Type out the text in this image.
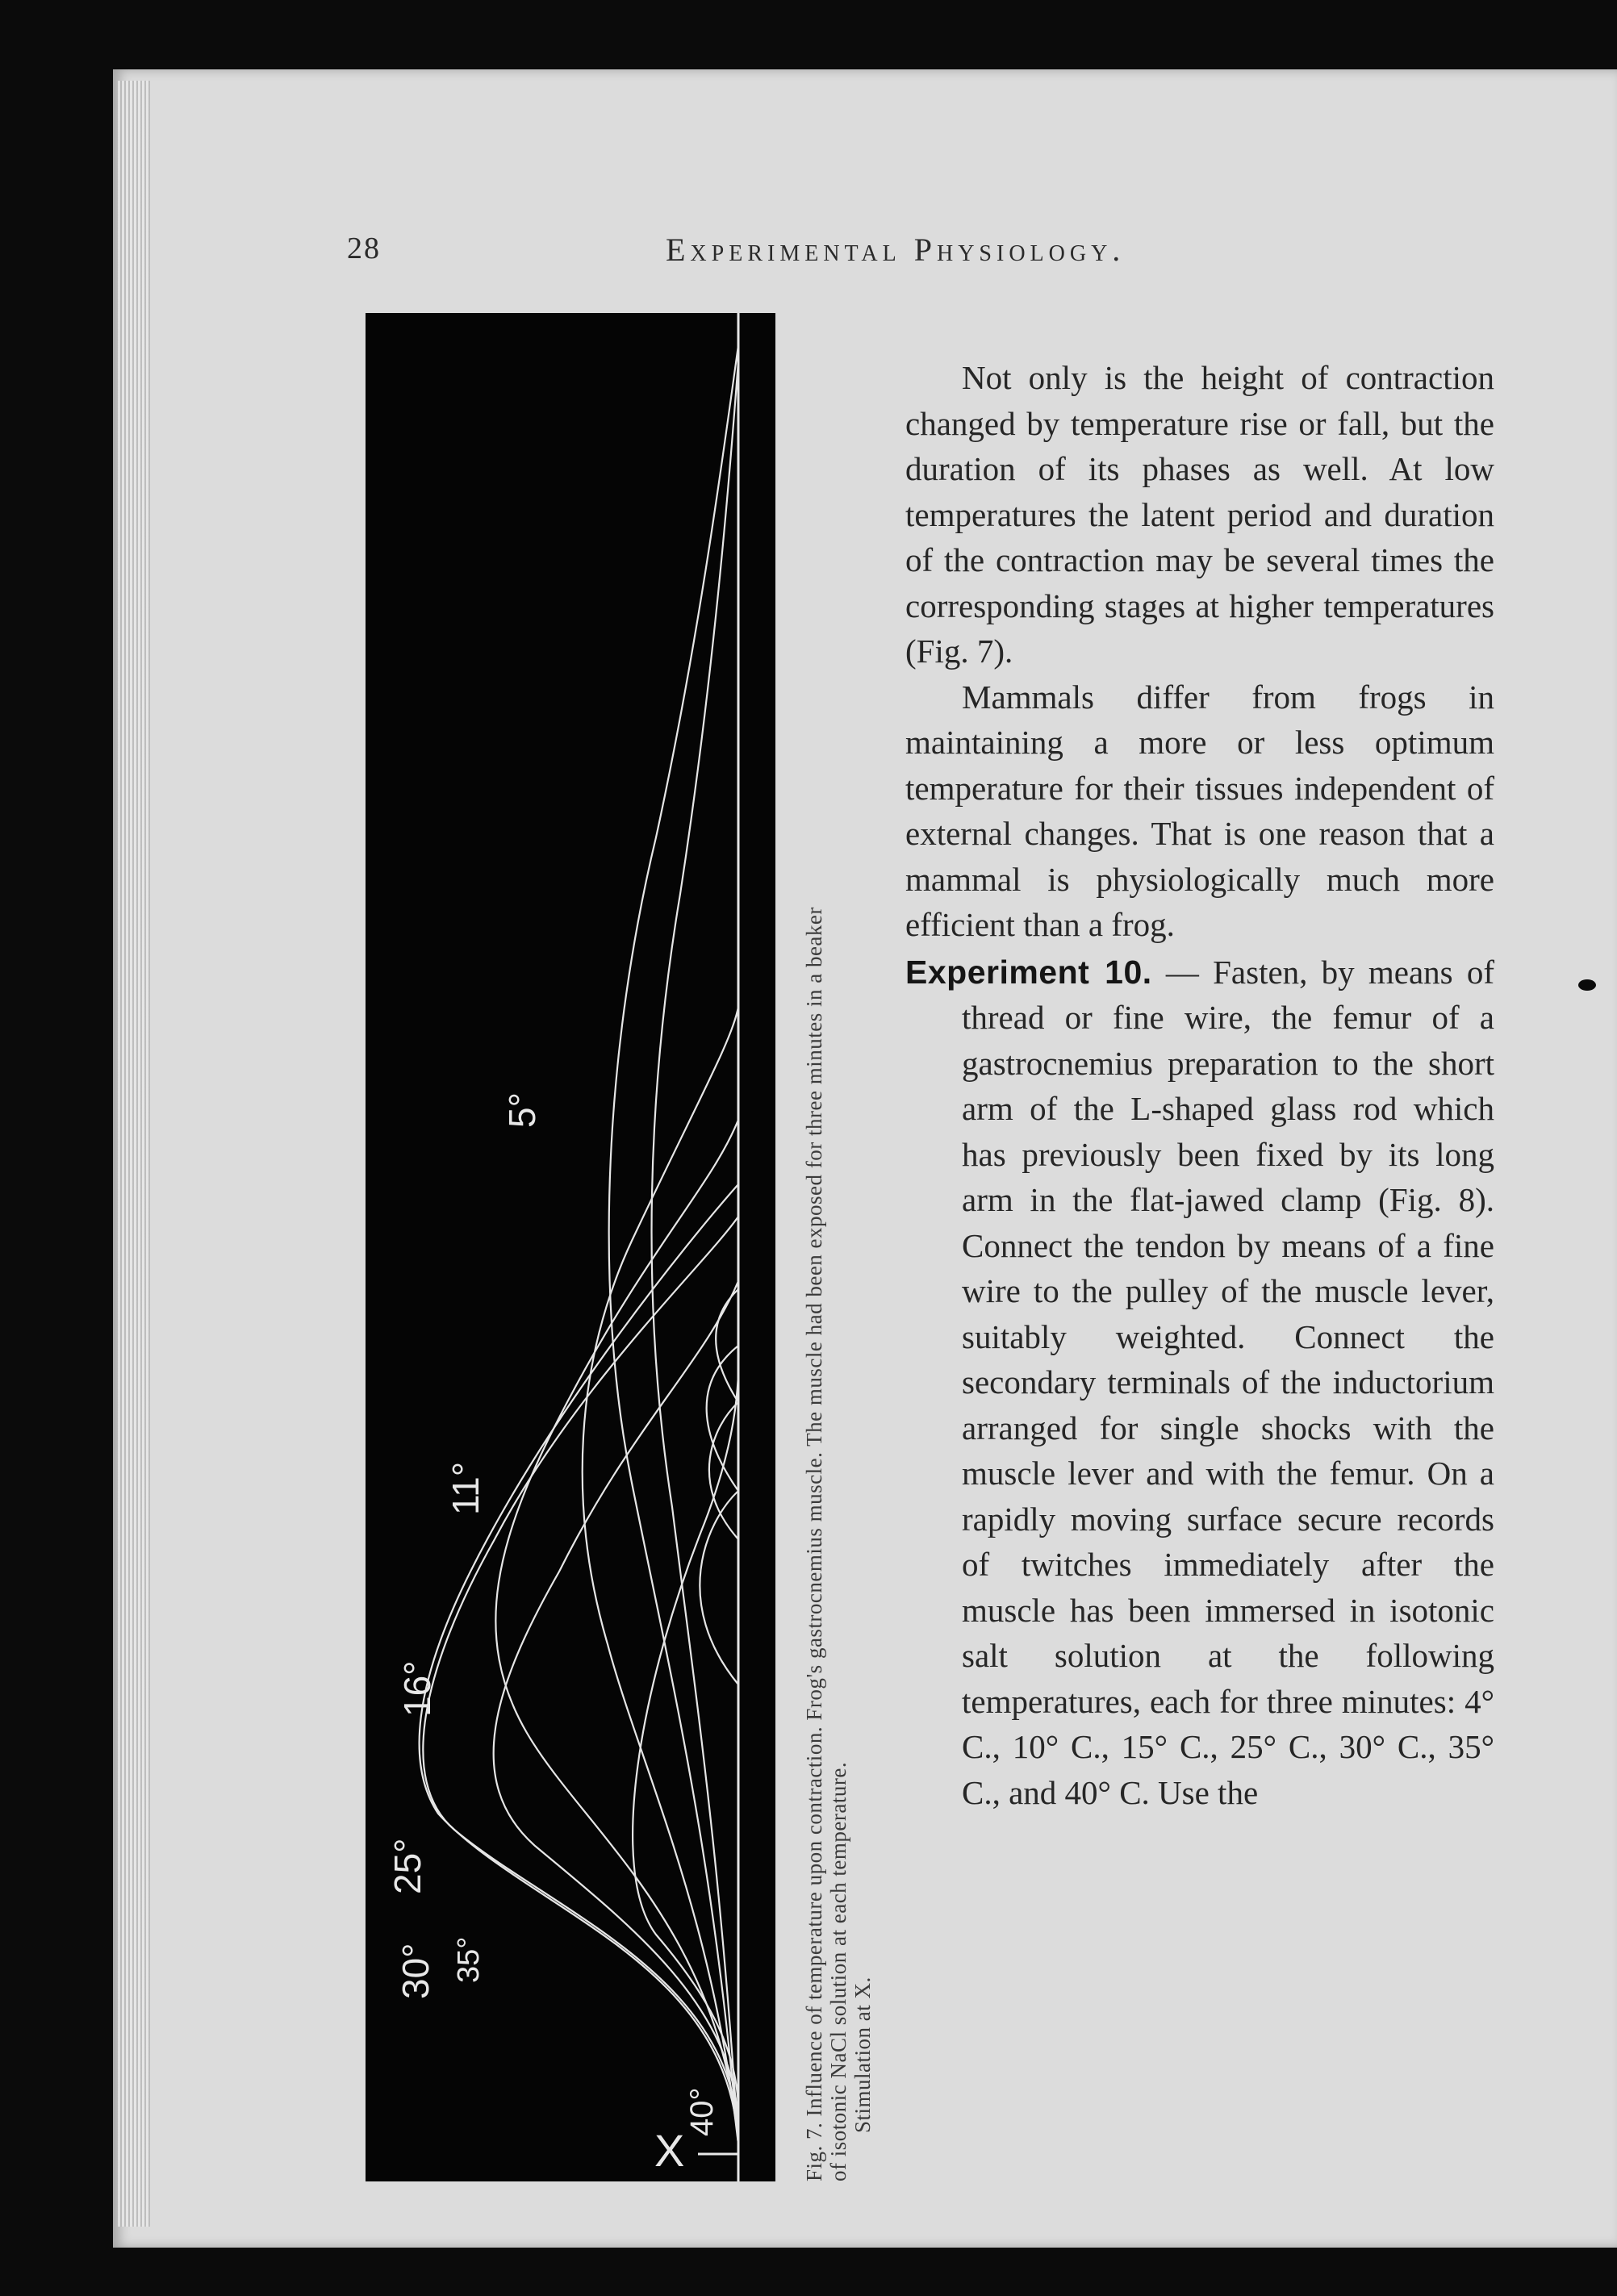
28	Experimental Physiology.
5°
11°
16°
25°
30° 35°
40°
X	Fig. 7. Influence of temperature upon contraction. Frog's gastrocnemius muscle. The muscle had been exposed for three minutes in a beaker of isotonic NaCl solution at each temperature. Stimulation at X.

Not only is the height of contraction changed by temperature rise or fall, but the duration of its phases as well. At low temperatures the latent period and duration of the contraction may be several times the corresponding stages at higher temperatures (Fig. 7).

Mammals differ from frogs in maintaining a more or less optimum temperature for their tissues independent of external changes. That is one reason that a mammal is physiologically much more efficient than a frog.

Experiment 10. — Fasten, by means of thread or fine wire, the femur of a gastrocnemius preparation to the short arm of the L-shaped glass rod which has previously been fixed by its long arm in the flat-jawed clamp (Fig. 8). Connect the tendon by means of a fine wire to the pulley of the muscle lever, suitably weighted. Connect the secondary terminals of the inductorium arranged for single shocks with the muscle lever and with the femur. On a rapidly moving surface secure records of twitches immediately after the muscle has been immersed in isotonic salt solution at the following temperatures, each for three minutes: 4° C., 10° C., 15° C., 25° C., 30° C., 35° C., and 40° C. Use the
